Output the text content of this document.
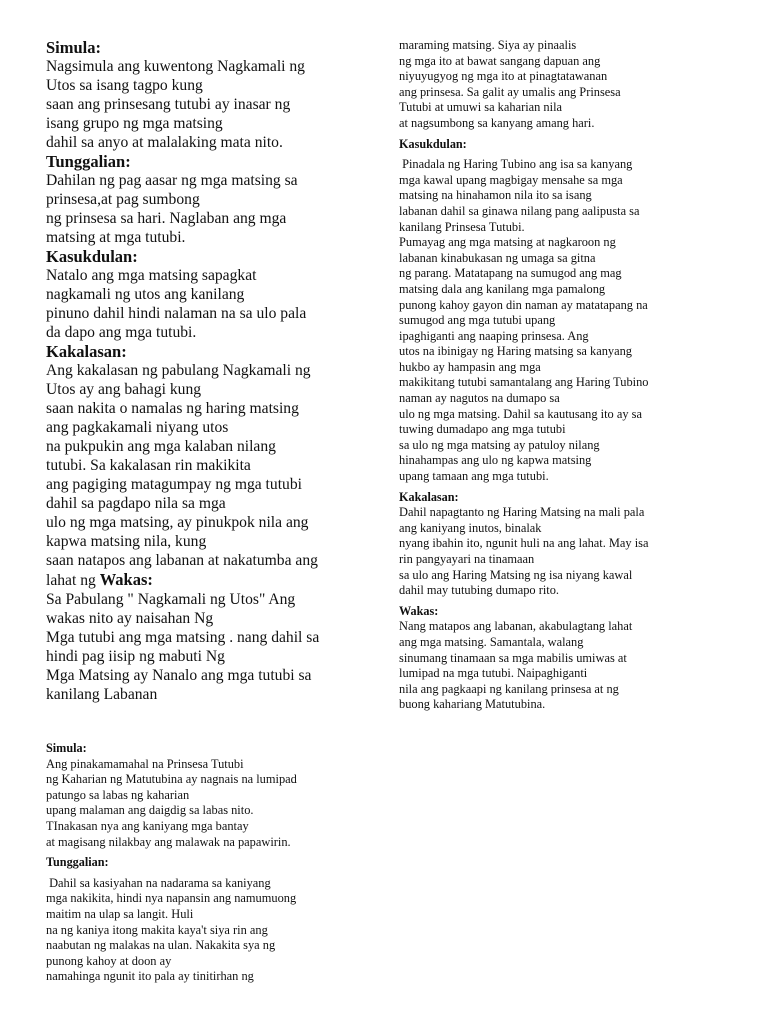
Simula:
Nagsimula ang kuwentong Nagkamali ng
Utos sa isang tagpo kung
saan ang prinsesang tutubi ay inasar ng
isang grupo ng mga matsing
dahil sa anyo at malalaking mata nito.
Tunggalian:
Dahilan ng pag aasar ng mga matsing sa
prinsesa,at pag sumbong
ng prinsesa sa hari. Naglaban ang mga
matsing at mga tutubi.
Kasukdulan:
Natalo ang mga matsing sapagkat
nagkamali ng utos ang kanilang
pinuno dahil hindi nalaman na sa ulo pala
da dapo ang mga tutubi.
Kakalasan:
Ang kakalasan ng pabulang Nagkamali ng
Utos ay ang bahagi kung
saan nakita o namalas ng haring matsing
ang pagkakamali niyang utos
na pukpukin ang mga kalaban nilang
tutubi. Sa kakalasan rin makikita
ang pagiging matagumpay ng mga tutubi
dahil sa pagdapo nila sa mga
ulo ng mga matsing, ay pinukpok nila ang
kapwa matsing nila, kung
saan natapos ang labanan at nakatumba ang
lahat ng Wakas:
Sa Pabulang " Nagkamali ng Utos" Ang
wakas nito ay naisahan Ng
Mga tutubi ang mga matsing . nang dahil sa
hindi pag iisip ng mabuti Ng
Mga Matsing ay Nanalo ang mga tutubi sa
kanilang Labanan
Simula:
Ang pinakamamahal na Prinsesa Tutubi
ng Kaharian ng Matutubina ay nagnais na lumipad
patungo sa labas ng kaharian
upang malaman ang daigdig sa labas nito.
TInakasan nya ang kaniyang mga bantay
at magisang nilakbay ang malawak na papawirin.
Tunggalian:
Dahil sa kasiyahan na nadarama sa kaniyang
mga nakikita, hindi nya napansin ang namumuong
maitim na ulap sa langit. Huli
na ng kaniya itong makita kaya't siya rin ang
naabutan ng malakas na ulan. Nakakita sya ng
punong kahoy at doon ay
namahinga ngunit ito pala ay tinitirhan ng
maraming matsing. Siya ay pinaalis
ng mga ito at bawat sangang dapuan ang
niyuyugyog ng mga ito at pinagtatawanan
ang prinsesa. Sa galit ay umalis ang Prinsesa
Tutubi at umuwi sa kaharian nila
at nagsumbong sa kanyang amang hari.
Kasukdulan:
Pinadala ng Haring Tubino ang isa sa kanyang
mga kawal upang magbigay mensahe sa mga
matsing na hinahamon nila ito sa isang
labanan dahil sa ginawa nilang pang aalipusta sa
kanilang Prinsesa Tutubi.
Pumayag ang mga matsing at nagkaroon ng
labanan kinabukasan ng umaga sa gitna
ng parang. Matatapang na sumugod ang mag
matsing dala ang kanilang mga pamalong
punong kahoy gayon din naman ay matatapang na
sumugod ang mga tutubi upang
ipaghiganti ang naaping prinsesa. Ang
utos na ibinigay ng Haring matsing sa kanyang
hukbo ay hampasin ang mga
makikitang tutubi samantalang ang Haring Tubino
naman ay nagutos na dumapo sa
ulo ng mga matsing. Dahil sa kautusang ito ay sa
tuwing dumadapo ang mga tutubi
sa ulo ng mga matsing ay patuloy nilang
hinahampas ang ulo ng kapwa matsing
upang tamaan ang mga tutubi.
Kakalasan:
Dahil napagtanto ng Haring Matsing na mali pala
ang kaniyang inutos, binalak
nyang ibahin ito, ngunit huli na ang lahat. May isa
rin pangyayari na tinamaan
sa ulo ang Haring Matsing ng isa niyang kawal
dahil may tutubing dumapo rito.
Wakas:
Nang matapos ang labanan, akabulagtang lahat
ang mga matsing. Samantala, walang
sinumang tinamaan sa mga mabilis umiwas at
lumipad na mga tutubi. Naipaghiganti
nila ang pagkaapi ng kanilang prinsesa at ng
buong kahariang Matutubina.
